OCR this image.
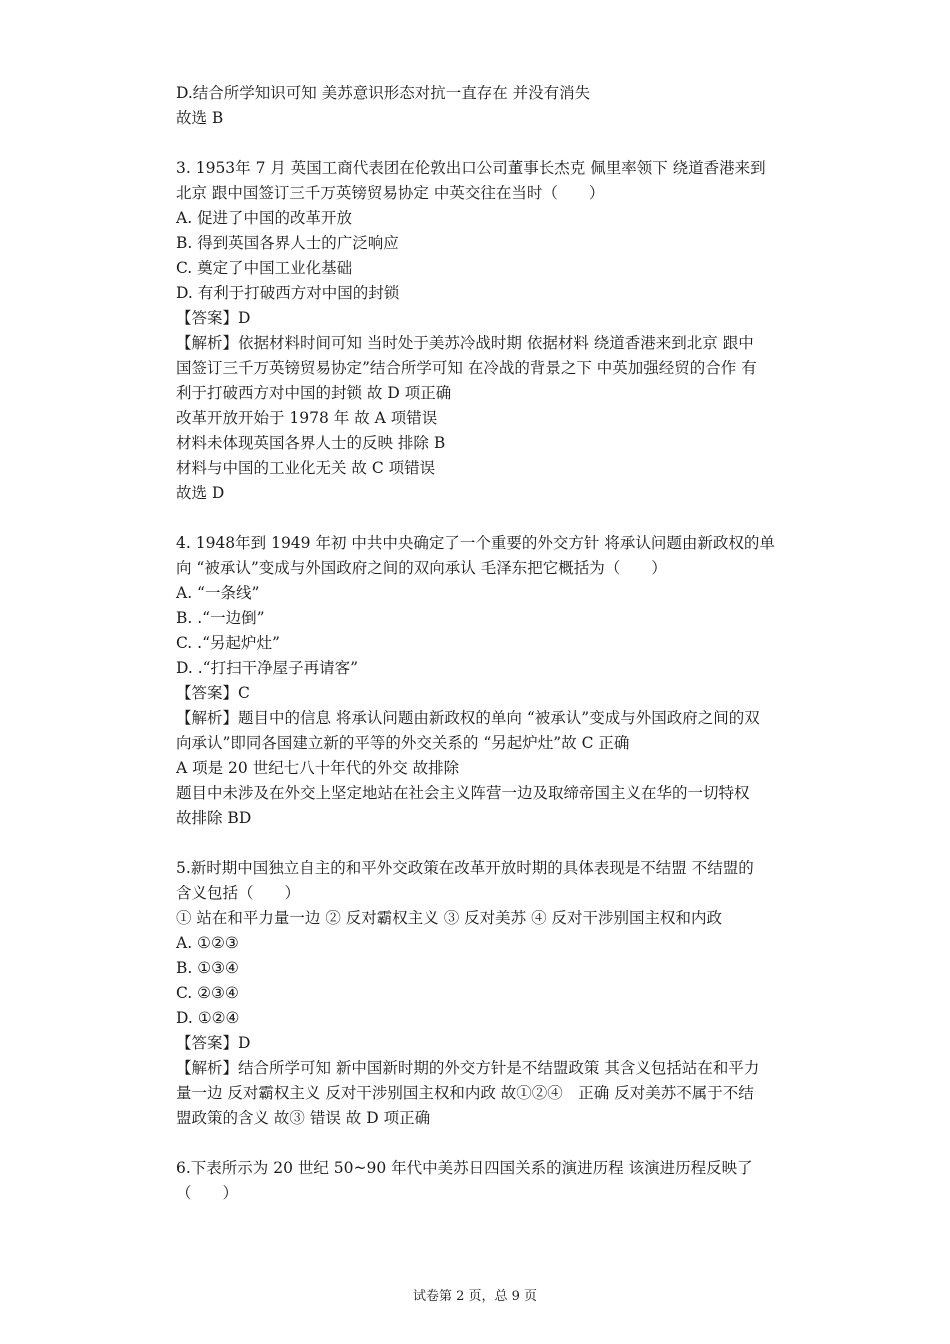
D.结合所学知识可知 美苏意识形态对抗一直存在 并没有消失
故选 B
3. 1953年 7 月 英国工商代表团在伦敦出口公司董事长杰克 佩里率领下 绕道香港来到
北京 跟中国签订三千万英镑贸易协定 中英交往在当时（　　）
A. 促进了中国的改革开放
B. 得到英国各界人士的广泛响应
C. 奠定了中国工业化基础
D. 有利于打破西方对中国的封锁
【答案】D
【解析】依据材料时间可知 当时处于美苏冷战时期 依据材料 绕道香港来到北京 跟中
国签订三千万英镑贸易协定”结合所学可知 在冷战的背景之下 中英加强经贸的合作 有
利于打破西方对中国的封锁 故 D 项正确
改革开放开始于 1978 年 故 A 项错误
材料未体现英国各界人士的反映 排除 B
材料与中国的工业化无关 故 C 项错误
故选 D
4. 1948年到 1949 年初 中共中央确定了一个重要的外交方针 将承认问题由新政权的单
向 “被承认”变成与外国政府之间的双向承认 毛泽东把它概括为（　　）
A. “一条线”
B. .“一边倒”
C. .“另起炉灶”
D. .“打扫干净屋子再请客”
【答案】C
【解析】题目中的信息 将承认问题由新政权的单向 “被承认”变成与外国政府之间的双
向承认”即同各国建立新的平等的外交关系的 “另起炉灶”故 C 正确
A 项是 20 世纪七八十年代的外交 故排除
题目中未涉及在外交上坚定地站在社会主义阵营一边及取缔帝国主义在华的一切特权
故排除 BD
5.新时期中国独立自主的和平外交政策在改革开放时期的具体表现是不结盟 不结盟的
含义包括（　　）
① 站在和平力量一边 ② 反对霸权主义 ③ 反对美苏 ④ 反对干涉别国主权和内政
A. ①②③
B. ①③④
C. ②③④
D. ①②④
【答案】D
【解析】结合所学可知 新中国新时期的外交方针是不结盟政策 其含义包括站在和平力
量一边 反对霸权主义 反对干涉别国主权和内政 故①②④　正确 反对美苏不属于不结
盟政策的含义 故③ 错误 故 D 项正确
6.下表所示为 20 世纪 50~90 年代中美苏日四国关系的演进历程 该演进历程反映了
（　　）
试卷第 2 页，总 9 页
